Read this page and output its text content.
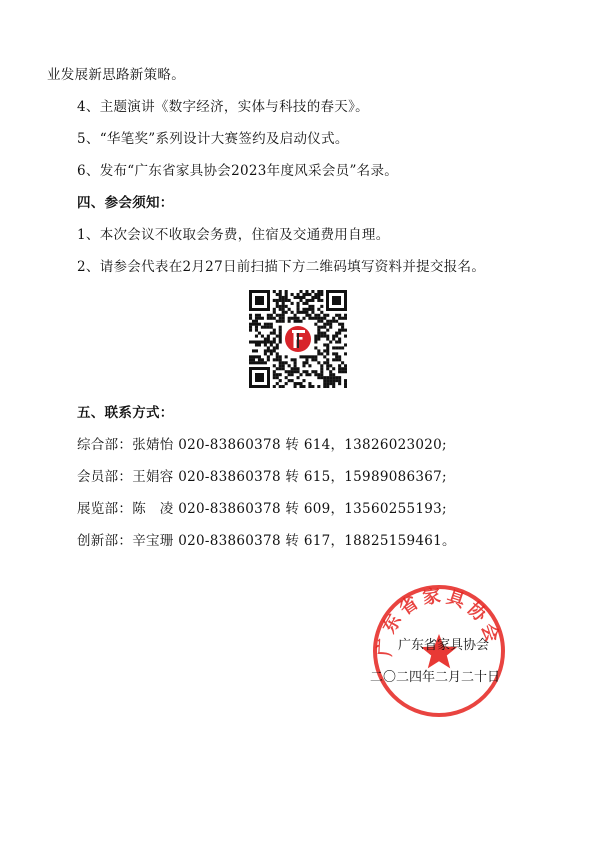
业发展新思路新策略。
4、主题演讲《数字经济，实体与科技的春天》。
5、“华笔奖”系列设计大赛签约及启动仪式。
6、发布“广东省家具协会2023年度风采会员”名录。
四、参会须知：
1、本次会议不收取会务费，住宿及交通费用自理。
2、请参会代表在2月27日前扫描下方二维码填写资料并提交报名。
五、联系方式：
综合部：张婧怡 020-83860378 转 614，13826023020;
会员部：王娟容 020-83860378 转 615，15989086367;
展览部：陈　凌 020-83860378 转 609，13560255193;
创新部：辛宝珊 020-83860378 转 617，18825159461。
广东省家具协会
广东省家具协会
二〇二四年二月二十日
